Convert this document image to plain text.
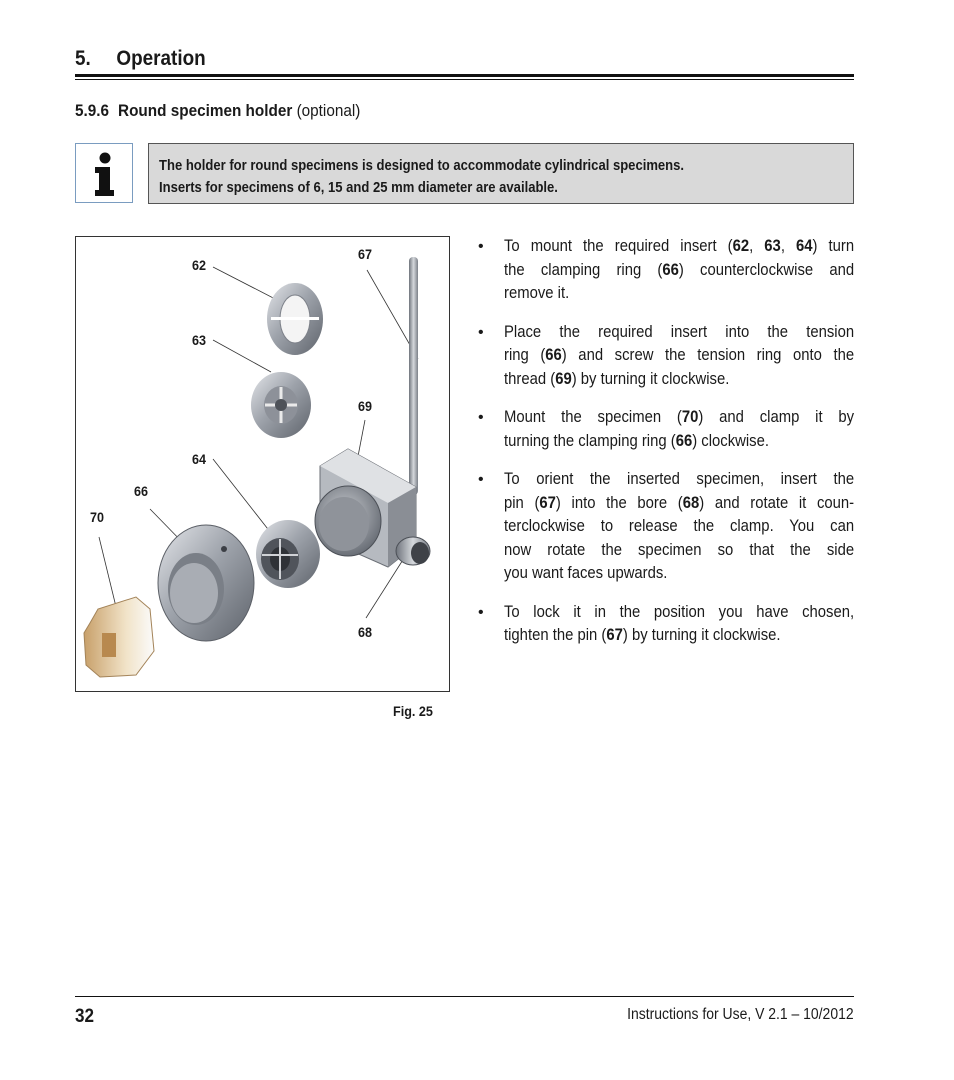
5. Operation
5.9.6 Round specimen holder (optional)
The holder for round specimens is designed to accommodate cylindrical specimens.
Inserts for specimens of 6, 15 and 25 mm diameter are available.
62
63
64
66
70
67
69
68
Fig. 25
• To mount the required insert (62, 63, 64) turn
the clamping ring (66) counterclockwise and
remove it.
• Place the required insert into the tension
ring (66) and screw the tension ring onto the
thread (69) by turning it clockwise.
• Mount the specimen (70) and clamp it by
turning the clamping ring (66) clockwise.
• To orient the inserted specimen, insert the
pin (67) into the bore (68) and rotate it coun-
terclockwise to release the clamp. You can
now rotate the specimen so that the side
you want faces upwards.
• To lock it in the position you have chosen,
tighten the pin (67) by turning it clockwise.
32	Instructions for Use, V 2.1 – 10/2012
